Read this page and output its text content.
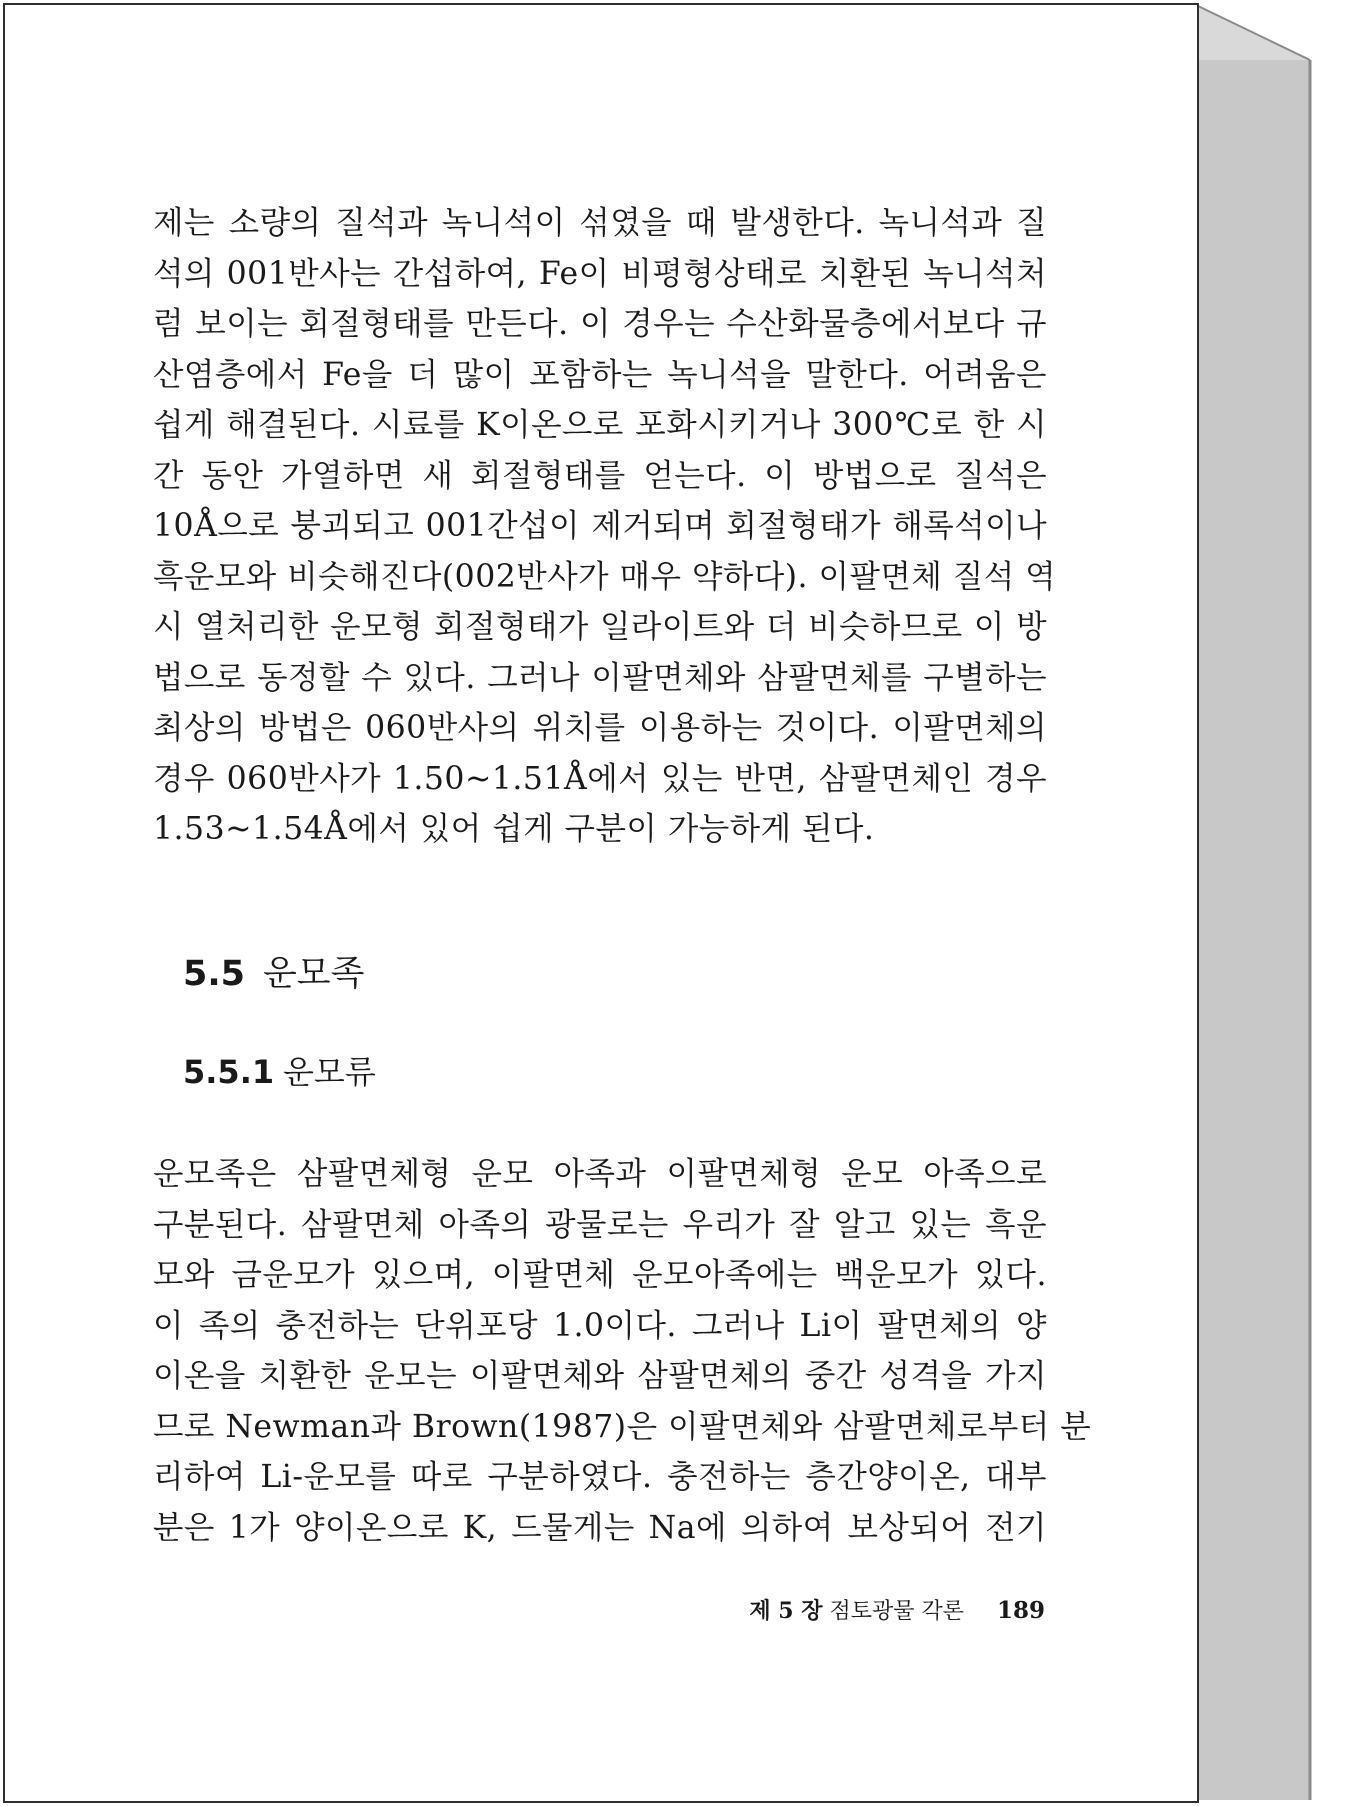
제는 소량의 질석과 녹니석이 섞였을 때 발생한다. 녹니석과 질
석의 001반사는 간섭하여, Fe이 비평형상태로 치환된 녹니석처
럼 보이는 회절형태를 만든다. 이 경우는 수산화물층에서보다 규
산염층에서 Fe을 더 많이 포함하는 녹니석을 말한다. 어려움은
쉽게 해결된다. 시료를 K이온으로 포화시키거나 300℃로 한 시
간 동안 가열하면 새 회절형태를 얻는다. 이 방법으로 질석은
10Å으로 붕괴되고 001간섭이 제거되며 회절형태가 해록석이나
흑운모와 비슷해진다(002반사가 매우 약하다). 이팔면체 질석 역
시 열처리한 운모형 회절형태가 일라이트와 더 비슷하므로 이 방
법으로 동정할 수 있다. 그러나 이팔면체와 삼팔면체를 구별하는
최상의 방법은 060반사의 위치를 이용하는 것이다. 이팔면체의
경우 060반사가 1.50~1.51Å에서 있는 반면, 삼팔면체인 경우
1.53~1.54Å에서 있어 쉽게 구분이 가능하게 된다.
5.5 운모족
5.5.1 운모류
운모족은 삼팔면체형 운모 아족과 이팔면체형 운모 아족으로
구분된다. 삼팔면체 아족의 광물로는 우리가 잘 알고 있는 흑운
모와 금운모가 있으며, 이팔면체 운모아족에는 백운모가 있다.
이 족의 충전하는 단위포당 1.0이다. 그러나 Li이 팔면체의 양
이온을 치환한 운모는 이팔면체와 삼팔면체의 중간 성격을 가지
므로 Newman과 Brown(1987)은 이팔면체와 삼팔면체로부터 분
리하여 Li-운모를 따로 구분하였다. 충전하는 층간양이온, 대부
분은 1가 양이온으로 K, 드물게는 Na에 의하여 보상되어 전기
제 5 장 점토광물 각론 189
